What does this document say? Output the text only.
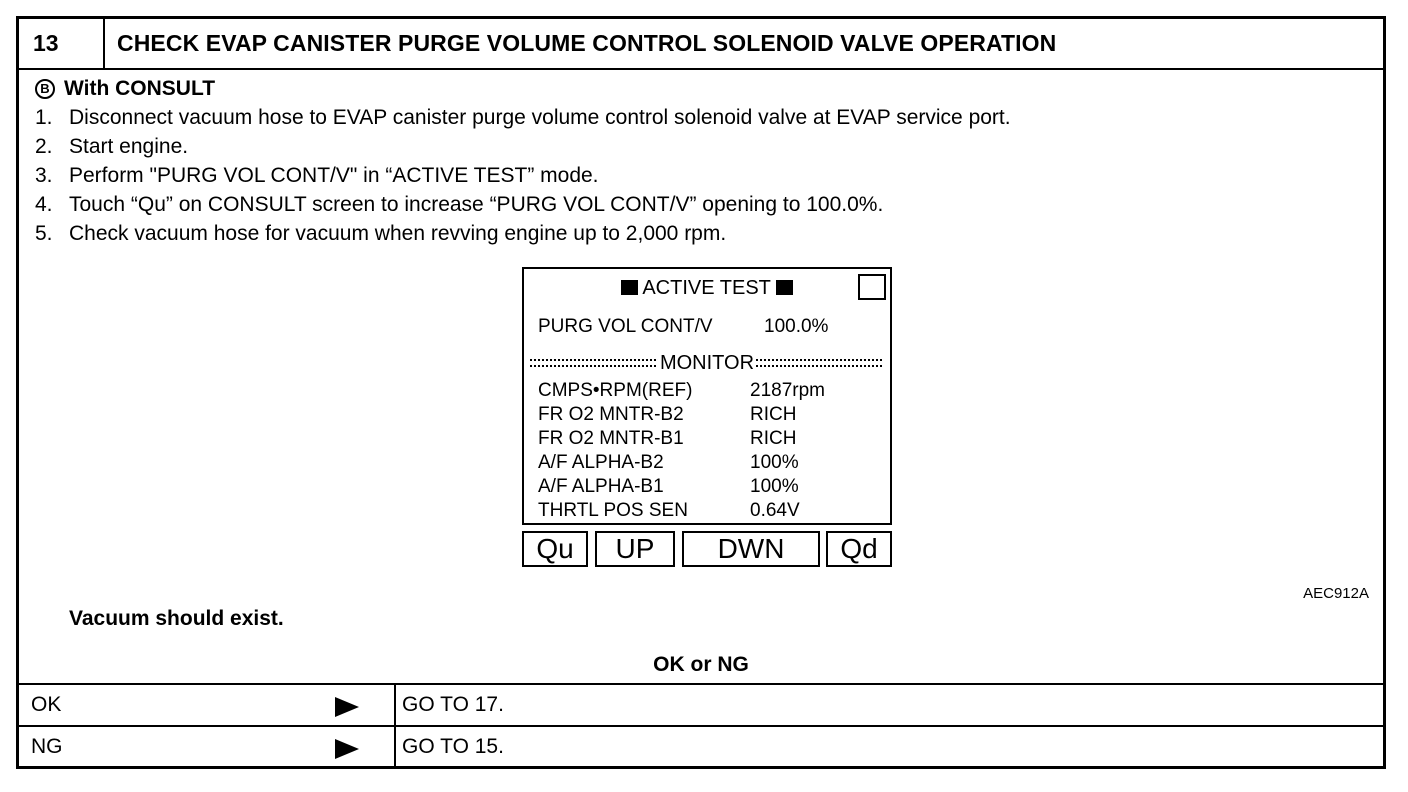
13	CHECK EVAP CANISTER PURGE VOLUME CONTROL SOLENOID VALVE OPERATION
B With CONSULT
1. Disconnect vacuum hose to EVAP canister purge volume control solenoid valve at EVAP service port.
2. Start engine.
3. Perform "PURG VOL CONT/V" in “ACTIVE TEST” mode.
4. Touch “Qu” on CONSULT screen to increase “PURG VOL CONT/V” opening to 100.0%.
5. Check vacuum hose for vacuum when revving engine up to 2,000 rpm.
ACTIVE TEST
PURG VOL CONT/V	100.0%
MONITOR
CMPS•RPM(REF)	2187rpm
FR O2 MNTR-B2	RICH
FR O2 MNTR-B1	RICH
A/F ALPHA-B2	100%
A/F ALPHA-B1	100%
THRTL POS SEN	0.64V
Qu	UP	DWN	Qd
AEC912A
Vacuum should exist.
OK or NG
OK	GO TO 17.
NG	GO TO 15.
